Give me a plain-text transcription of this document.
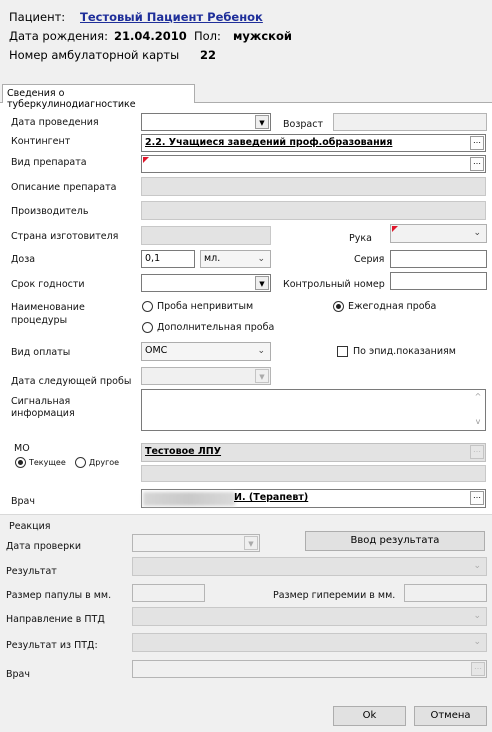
Пациент: Тестовый Пациент Ребенок
Дата рождения: 21.04.2010 Пол: мужской
Номер амбулаторной карты 22
Сведения о туберкулинодиагностике
Дата проведения	▼	Возраст
Контингент	2.2. Учащиеся заведений проф.образования	…
Вид препарата	…
Описание препарата
Производитель
Страна изготовителя	Рука	⌄
Доза	0,1	мл.	⌄	Серия
Срок годности	▼	Контрольный номер
Наименование
процедуры
Проба непривитым	Ежегодная проба
Дополнительная проба
Вид оплаты	ОМС	⌄	По эпид.показаниям
Дата следующей пробы	▼
Сигнальная
информация
^
v
МО
Текущее	Другое
Тестовое ЛПУ	…
Врач	И. (Терапевт)	…
Реакция
Дата проверки	▼	Ввод результата
Результат	⌄
Размер папулы в мм.	Размер гиперемии в мм.
Направление в ПТД	⌄
Результат из ПТД:	⌄
Врач
…
Ok	Отмена
